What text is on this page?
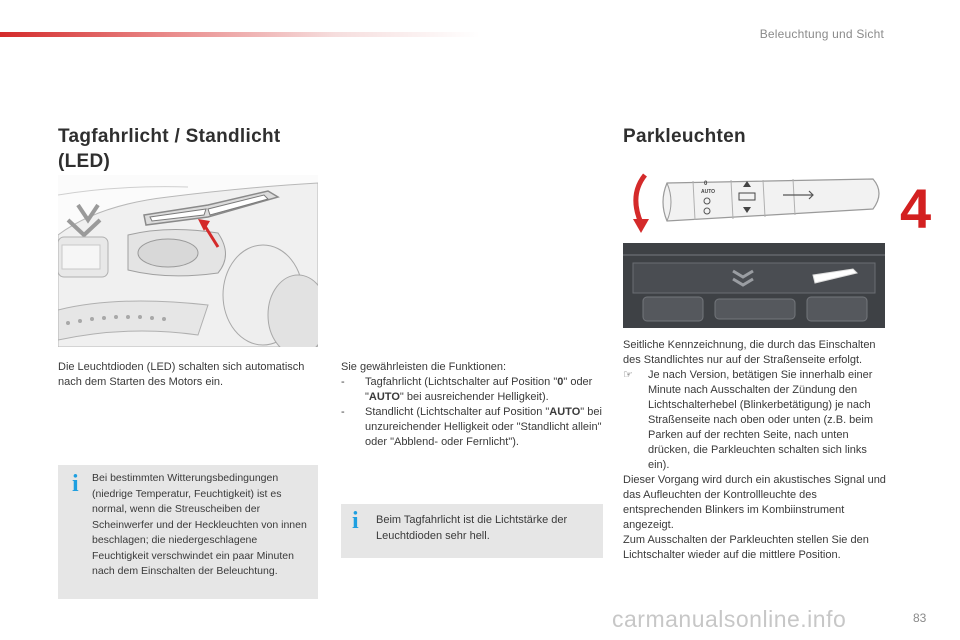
Beleuchtung und Sicht
4
Tagfahrlicht / Standlicht (LED)
Die Leuchtdioden (LED) schalten sich automatisch nach dem Starten des Motors ein.
i Bei bestimmten Witterungsbedingungen (niedrige Temperatur, Feuchtigkeit) ist es normal, wenn die Streuscheiben der Scheinwerfer und der Heckleuchten von innen beschlagen; die niedergeschlagene Feuchtigkeit verschwindet ein paar Minuten nach dem Einschalten der Beleuchtung.
Sie gewährleisten die Funktionen:
- Tagfahrlicht (Lichtschalter auf Position "0" oder "AUTO" bei ausreichender Helligkeit).
- Standlicht (Lichtschalter auf Position "AUTO" bei unzureichender Helligkeit oder "Standlicht allein" oder "Abblend- oder Fernlicht").
i Beim Tagfahrlicht ist die Lichtstärke der Leuchtdioden sehr hell.
Parkleuchten
0
AUTO

Seitliche Kennzeichnung, die durch das Einschalten des Standlichtes nur auf der Straßenseite erfolgt.

☞ Je nach Version, betätigen Sie innerhalb einer Minute nach Ausschalten der Zündung den Lichtschalterhebel (Blinkerbetätigung) je nach Straßenseite nach oben oder unten (z.B. beim Parken auf der rechten Seite, nach unten drücken, die Parkleuchten schalten sich links ein).

Dieser Vorgang wird durch ein akustisches Signal und das Aufleuchten der Kontrollleuchte des entsprechenden Blinkers im Kombiinstrument angezeigt.

Zum Ausschalten der Parkleuchten stellen Sie den Lichtschalter wieder auf die mittlere Position.

carmanualsonline.info	83
